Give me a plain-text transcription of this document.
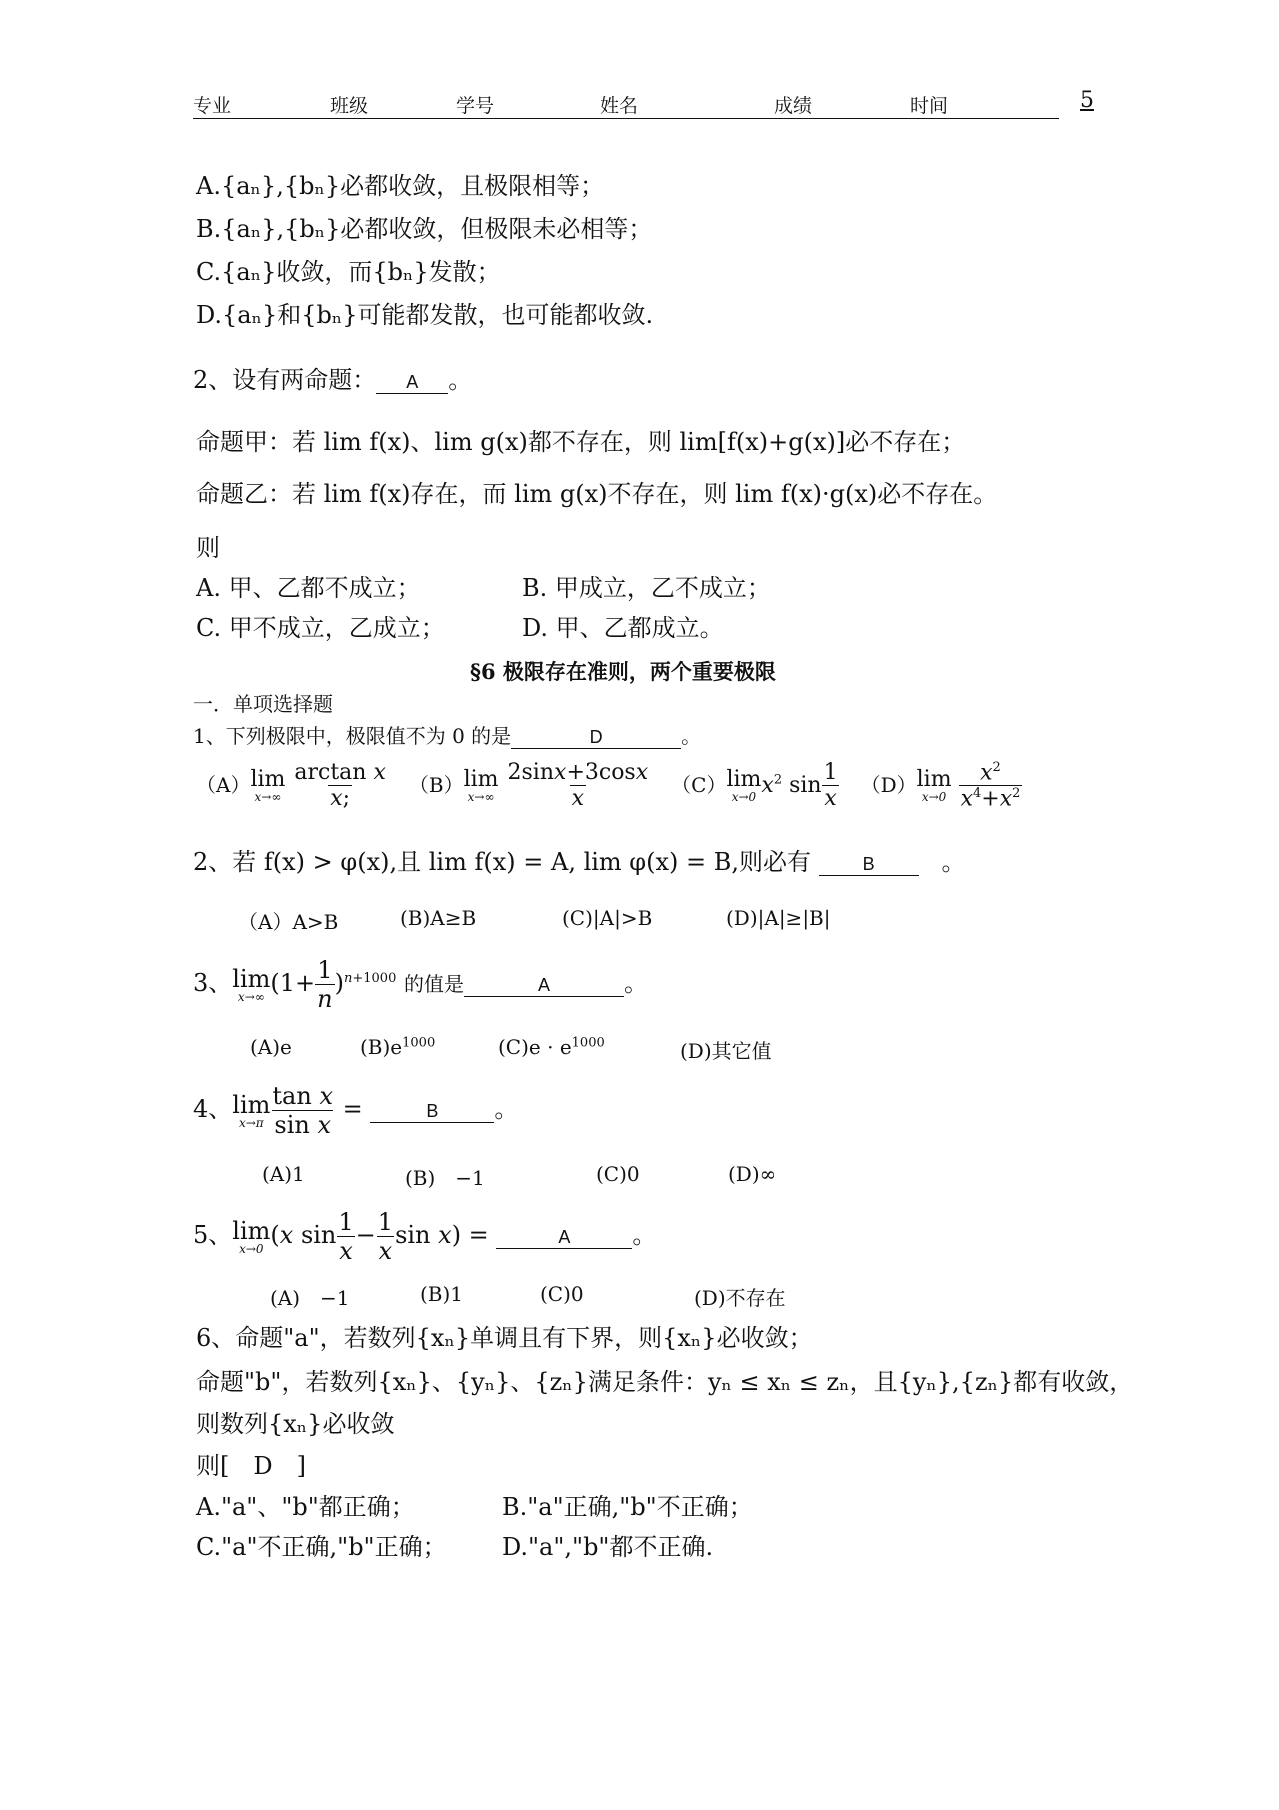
专业	班级	学号	姓名	成绩	时间	5
A.{aₙ},{bₙ}必都收敛，且极限相等；
B.{aₙ},{bₙ}必都收敛，但极限未必相等；
C.{aₙ}收敛，而{bₙ}发散；
D.{aₙ}和{bₙ}可能都发散，也可能都收敛.
2、设有两命题： A 。
命题甲：若 lim f(x)、lim g(x)都不存在，则 lim[f(x)+g(x)]必不存在；
命题乙：若 lim f(x)存在，而 lim g(x)不存在，则 lim f(x)·g(x)必不存在。
则
A. 甲、乙都不成立；	B. 甲成立，乙不成立；
C. 甲不成立，乙成立；	D. 甲、乙都成立。
§6 极限存在准则，两个重要极限
一．单项选择题
1、下列极限中，极限值不为 0 的是	D	。
（A） lim
x→∞
$\frac{\text{arctan x}}{x;} (B)$ lim
x→∞
$\frac{2\sin x+3\cos x}{x} (C)$ lim
x→0 $x^2$ $\sin \frac{1}{x} (D)$ lim
x→0
$\frac{x^2}{x^4+x^2}$
2、若 f(x) > φ(x),且 lim f(x) = A, lim φ(x) = B,则必有	B	。
（A）A>B	(B)A≥B	(C)|A|>B	(D)|A|≥|B|
3、 lim
x→∞ $(1+ \frac{1}{n} )^{n+1000}$ 的值是	A	。
(A)e	$(B)e^{1000}$	$(C)e \cdot e^{1000}$	(D)其它值
4、 lim
$x\to\pi \frac{\text{tan x}}{\text{sin x}}$ =	B 。
(A)1	(B)　−1	(C)0	(D)∞
5、 lim
x→0 (x $\sin \frac{1}{x} - \frac{1}{x}$ sin x) =	A	。
(A)　−1	(B)1	(C)0	(D)不存在
6、命题"a"，若数列{xₙ}单调且有下界，则{xₙ}必收敛；
命题"b"，若数列{xₙ}、{yₙ}、{zₙ}满足条件：yₙ ≤ xₙ ≤ zₙ，且{yₙ},{zₙ}都有收敛，
则数列{xₙ}必收敛
则[　D　]
A."a"、"b"都正确；	B."a"正确,"b"不正确；
C."a"不正确,"b"正确； D."a","b"都不正确.
